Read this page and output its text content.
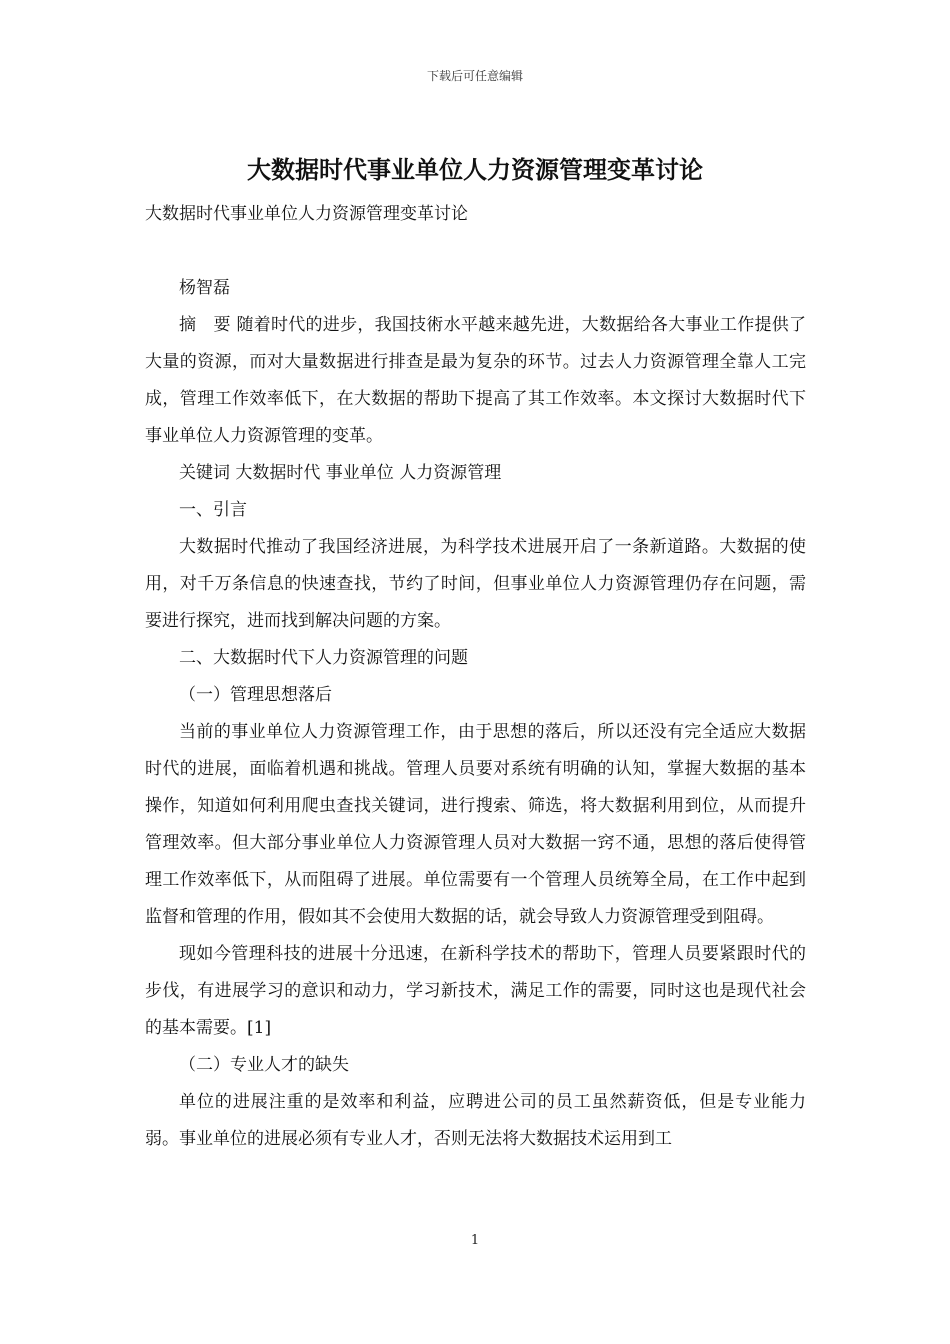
下载后可任意编辑
大数据时代事业单位人力资源管理变革讨论

大数据时代事业单位人力资源管理变革讨论

杨智磊

摘　要 随着时代的进步，我国技術水平越来越先进，大数据给各大事业工作提供了大量的资源，而对大量数据进行排查是最为复杂的环节。过去人力资源管理全靠人工完成，管理工作效率低下，在大数据的帮助下提高了其工作效率。本文探讨大数据时代下事业单位人力资源管理的变革。

关键词 大数据时代 事业单位 人力资源管理

一、引言

大数据时代推动了我国经济进展，为科学技术进展开启了一条新道路。大数据的使用，对千万条信息的快速查找，节约了时间，但事业单位人力资源管理仍存在问题，需要进行探究，进而找到解决问题的方案。

二、大数据时代下人力资源管理的问题

（一）管理思想落后

当前的事业单位人力资源管理工作，由于思想的落后，所以还没有完全适应大数据时代的进展，面临着机遇和挑战。管理人员要对系统有明确的认知，掌握大数据的基本操作，知道如何利用爬虫查找关键词，进行搜索、筛选，将大数据利用到位，从而提升管理效率。但大部分事业单位人力资源管理人员对大数据一窍不通，思想的落后使得管理工作效率低下，从而阻碍了进展。单位需要有一个管理人员统筹全局，在工作中起到监督和管理的作用，假如其不会使用大数据的话，就会导致人力资源管理受到阻碍。

现如今管理科技的进展十分迅速，在新科学技术的帮助下，管理人员要紧跟时代的步伐，有进展学习的意识和动力，学习新技术，满足工作的需要，同时这也是现代社会的基本需要。[1]

（二）专业人才的缺失

单位的进展注重的是效率和利益，应聘进公司的员工虽然薪资低，但是专业能力弱。事业单位的进展必须有专业人才，否则无法将大数据技术运用到工

1
